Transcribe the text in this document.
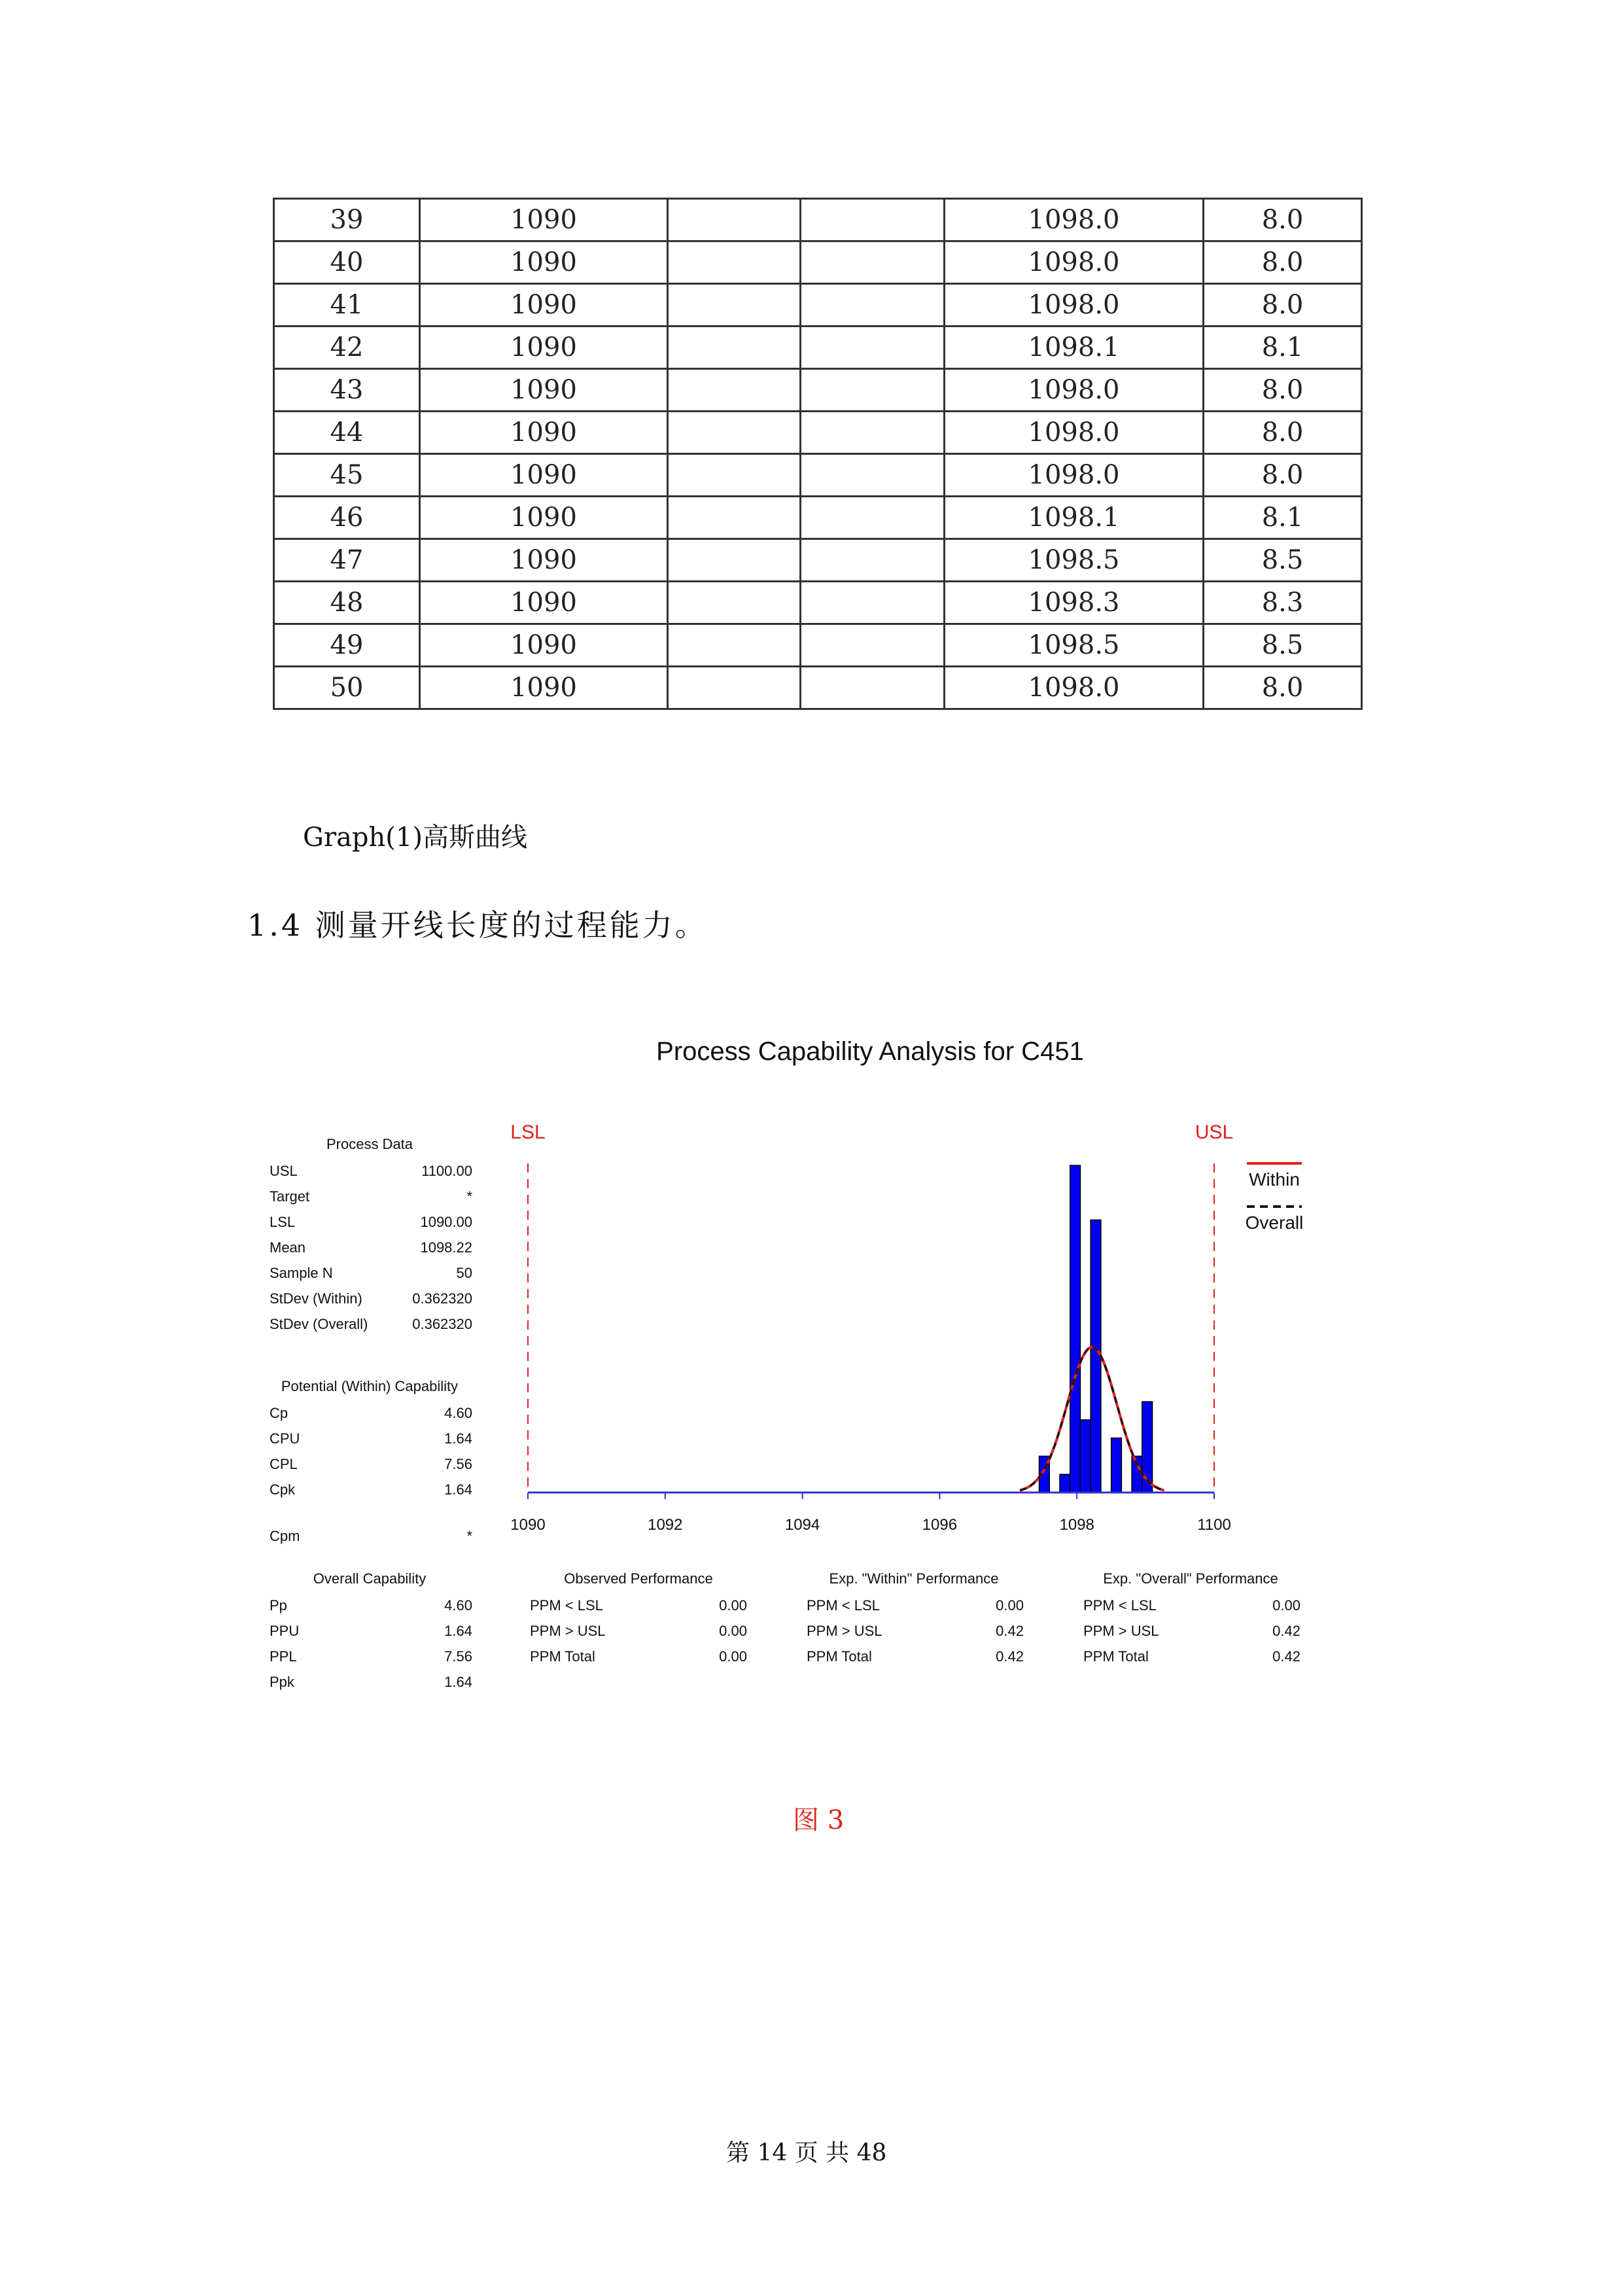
39	1090			1098.0	8.0
40	1090			1098.0	8.0
41	1090			1098.0	8.0
42	1090			1098.1	8.1
43	1090			1098.0	8.0
44	1090			1098.0	8.0
45	1090			1098.0	8.0
46	1090			1098.1	8.1
47	1090			1098.5	8.5
48	1090			1098.3	8.3
49	1090			1098.5	8.5
50	1090			1098.0	8.0
Graph(1)高斯曲线
1.4 测量开线长度的过程能力。
Process Capability Analysis for C451
LSL	USL
1090	1092	1094	1096	1098	1100
Within
Overall
Process Data
USL	1100.00
Target	*
LSL	1090.00
Mean	1098.22
Sample N	50
StDev (Within)	0.362320
StDev (Overall)	0.362320
Potential (Within) Capability
Cp	4.60
CPU	1.64
CPL	7.56
Cpk	1.64
Cpm	*
Overall Capability
Pp	4.60
PPU	1.64
PPL	7.56
Ppk	1.64
Observed Performance
PPM < LSL	0.00
PPM > USL	0.00
PPM Total	0.00
Exp. "Within" Performance
PPM < LSL	0.00
PPM > USL	0.42
PPM Total	0.42
Exp. "Overall" Performance
PPM < LSL	0.00
PPM > USL	0.42
PPM Total	0.42
图 3
第 14 页 共 48
